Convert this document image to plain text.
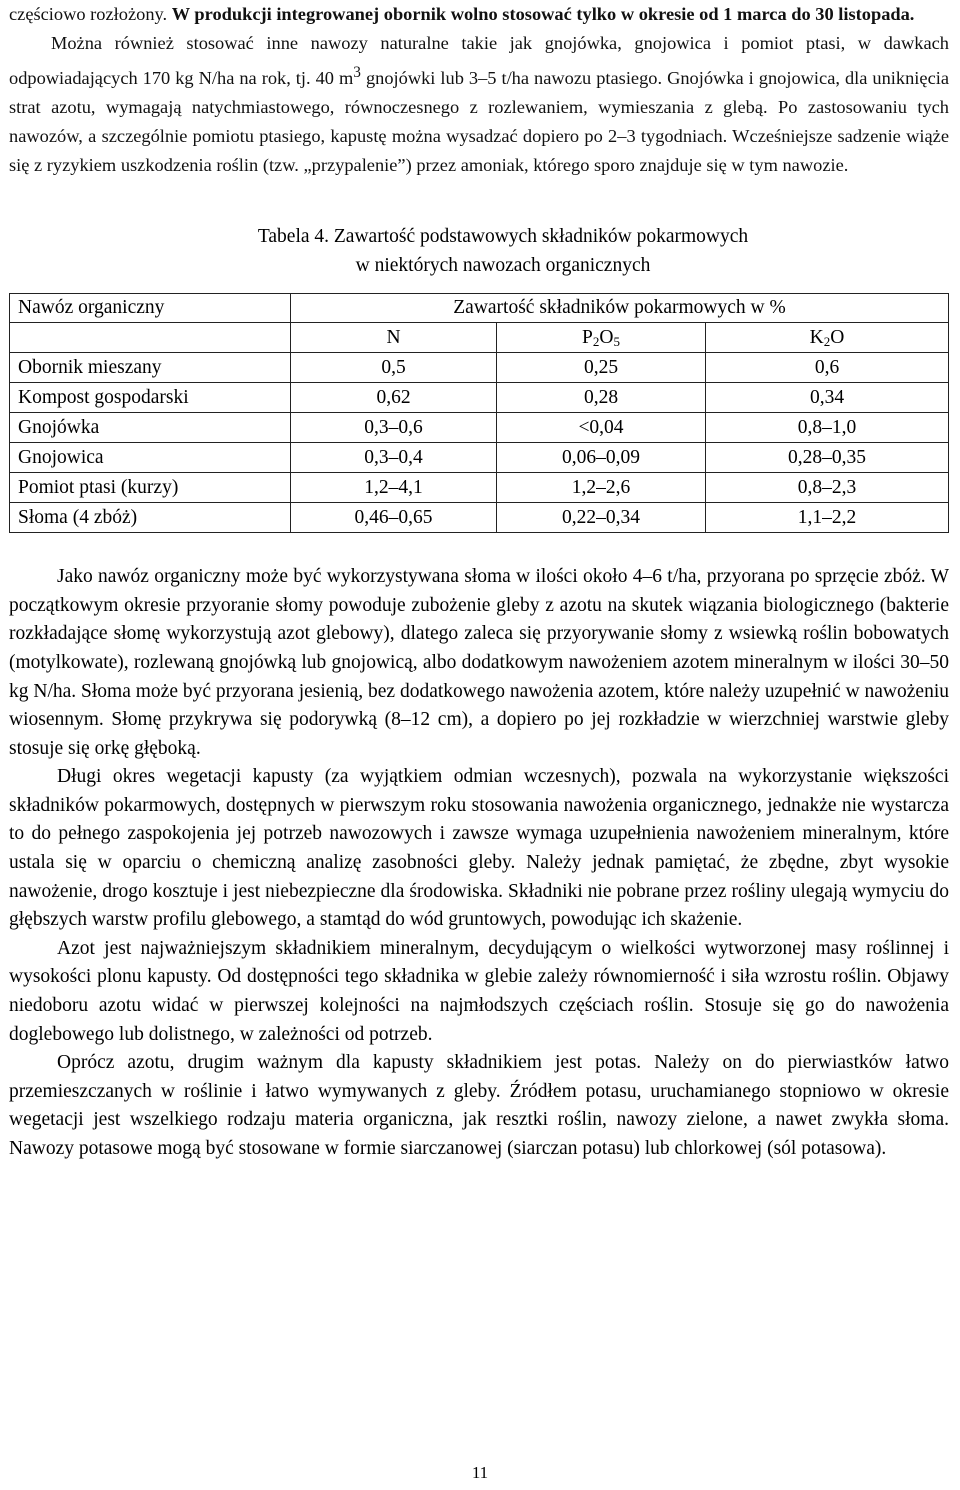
częściowo rozłożony. W produkcji integrowanej obornik wolno stosować tylko w okresie od 1 marca do 30 listopada.
Można również stosować inne nawozy naturalne takie jak gnojówka, gnojowica i pomiot ptasi, w dawkach odpowiadających 170 kg N/ha na rok, tj. 40 $m^3$ gnojówki lub 3–5 t/ha nawozu ptasiego. Gnojówka i gnojowica, dla uniknięcia strat azotu, wymagają natychmiastowego, równoczesnego z rozlewaniem, wymieszania z glebą. Po zastosowaniu tych nawozów, a szczególnie pomiotu ptasiego, kapustę można wysadzać dopiero po 2–3 tygodniach. Wcześniejsze sadzenie wiąże się z ryzykiem uszkodzenia roślin (tzw. „przypalenie”) przez amoniak, którego sporo znajduje się w tym nawozie.

Tabela 4. Zawartość podstawowych składników pokarmowych
w niektórych nawozach organicznych
Nawóz organiczny	Zawartość składników pokarmowych w %		
	N	$P_2O_5$	$K_2O$
Obornik mieszany	0,5	0,25	0,6
Kompost gospodarski	0,62	0,28	0,34
Gnojówka	0,3–0,6	<0,04	0,8–1,0
Gnojowica	0,3–0,4	0,06–0,09	0,28–0,35
Pomiot ptasi (kurzy)	1,2–4,1	1,2–2,6	0,8–2,3
Słoma (4 zbóż)	0,46–0,65	0,22–0,34	1,1–2,2

Jako nawóz organiczny może być wykorzystywana słoma w ilości około 4–6 t/ha, przyorana po sprzęcie zbóż. W początkowym okresie przyoranie słomy powoduje zubożenie gleby z azotu na skutek wiązania biologicznego (bakterie rozkładające słomę wykorzystują azot glebowy), dlatego zaleca się przyorywanie słomy z wsiewką roślin bobowatych (motylkowate), rozlewaną gnojówką lub gnojowicą, albo dodatkowym nawożeniem azotem mineralnym w ilości 30–50 kg N/ha. Słoma może być przyorana jesienią, bez dodatkowego nawożenia azotem, które należy uzupełnić w nawożeniu wiosennym. Słomę przykrywa się podorywką (8–12 cm), a dopiero po jej rozkładzie w wierzchniej warstwie gleby stosuje się orkę głęboką.

Długi okres wegetacji kapusty (za wyjątkiem odmian wczesnych), pozwala na wykorzystanie większości składników pokarmowych, dostępnych w pierwszym roku stosowania nawożenia organicznego, jednakże nie wystarcza to do pełnego zaspokojenia jej potrzeb nawozowych i zawsze wymaga uzupełnienia nawożeniem mineralnym, które ustala się w oparciu o chemiczną analizę zasobności gleby. Należy jednak pamiętać, że zbędne, zbyt wysokie nawożenie, drogo kosztuje i jest niebezpieczne dla środowiska. Składniki nie pobrane przez rośliny ulegają wymyciu do głębszych warstw profilu glebowego, a stamtąd do wód gruntowych, powodując ich skażenie.

Azot jest najważniejszym składnikiem mineralnym, decydującym o wielkości wytworzonej masy roślinnej i wysokości plonu kapusty. Od dostępności tego składnika w glebie zależy równomierność i siła wzrostu roślin. Objawy niedoboru azotu widać w pierwszej kolejności na najmłodszych częściach roślin. Stosuje się go do nawożenia doglebowego lub dolistnego, w zależności od potrzeb.

Oprócz azotu, drugim ważnym dla kapusty składnikiem jest potas. Należy on do pierwiastków łatwo przemieszczanych w roślinie i łatwo wymywanych z gleby. Źródłem potasu, uruchamianego stopniowo w okresie wegetacji jest wszelkiego rodzaju materia organiczna, jak resztki roślin, nawozy zielone, a nawet zwykła słoma. Nawozy potasowe mogą być stosowane w formie siarczanowej (siarczan potasu) lub chlorkowej (sól potasowa).

11
